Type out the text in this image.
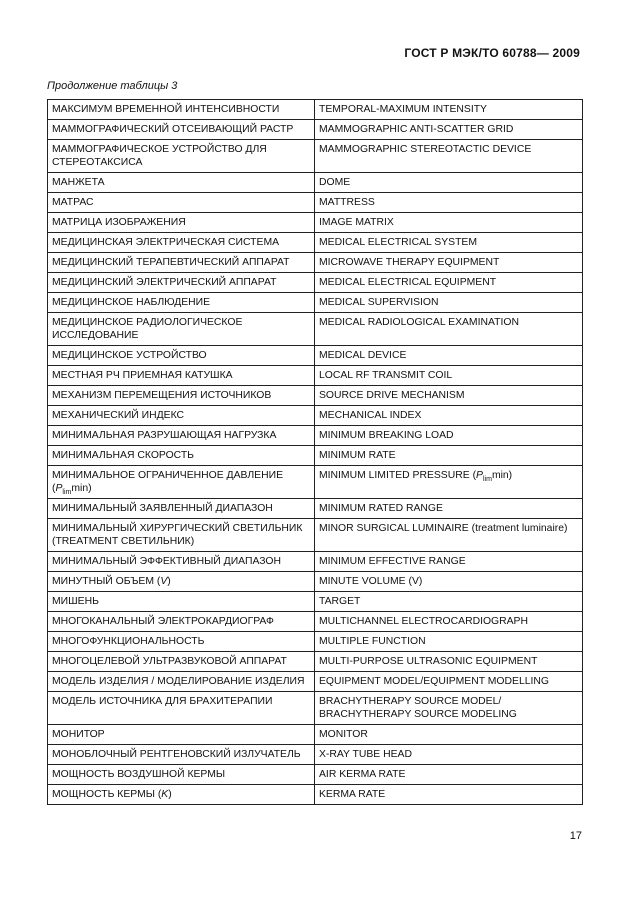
ГОСТ Р МЭК/ТО 60788— 2009
Продолжение таблицы 3
МАКСИМУМ ВРЕМЕННОЙ ИНТЕНСИВНОСТИ	TEMPORAL-MAXIMUM INTENSITY
МАММОГРАФИЧЕСКИЙ ОТСЕИВАЮЩИЙ РАСТР	MAMMOGRAPHIC ANTI-SCATTER GRID
МАММОГРАФИЧЕСКОЕ УСТРОЙСТВО ДЛЯ СТЕРЕОТАКСИСА	MAMMOGRAPHIC STEREOTACTIC DEVICE
МАНЖЕТА	DOME
МАТРАС	MATTRESS
МАТРИЦА ИЗОБРАЖЕНИЯ	IMAGE MATRIX
МЕДИЦИНСКАЯ ЭЛЕКТРИЧЕСКАЯ СИСТЕМА	MEDICAL ELECTRICAL SYSTEM
МЕДИЦИНСКИЙ ТЕРАПЕВТИЧЕСКИЙ АППАРАТ	MICROWAVE THERAPY EQUIPMENT
МЕДИЦИНСКИЙ ЭЛЕКТРИЧЕСКИЙ АППАРАТ	MEDICAL ELECTRICAL EQUIPMENT
МЕДИЦИНСКОЕ НАБЛЮДЕНИЕ	MEDICAL SUPERVISION
МЕДИЦИНСКОЕ РАДИОЛОГИЧЕСКОЕ ИССЛЕДОВАНИЕ	MEDICAL RADIOLOGICAL EXAMINATION
МЕДИЦИНСКОЕ УСТРОЙСТВО	MEDICAL DEVICE
МЕСТНАЯ РЧ ПРИЕМНАЯ КАТУШКА	LOCAL RF TRANSMIT COIL
МЕХАНИЗМ ПЕРЕМЕЩЕНИЯ ИСТОЧНИКОВ	SOURCE DRIVE MECHANISM
МЕХАНИЧЕСКИЙ ИНДЕКС	MECHANICAL INDEX
МИНИМАЛЬНАЯ РАЗРУШАЮЩАЯ НАГРУЗКА	MINIMUM BREAKING LOAD
МИНИМАЛЬНАЯ СКОРОСТЬ	MINIMUM RATE
МИНИМАЛЬНОЕ ОГРАНИЧЕННОЕ ДАВЛЕНИЕ $(P_{lim}\min)$	MINIMUM LIMITED PRESSURE $(P_{lim}\min)$
МИНИМАЛЬНЫЙ ЗАЯВЛЕННЫЙ ДИАПАЗОН	MINIMUM RATED RANGE
МИНИМАЛЬНЫЙ ХИРУРГИЧЕСКИЙ СВЕТИЛЬНИК (TREATMENT СВЕТИЛЬНИК)	MINOR SURGICAL LUMINAIRE (treatment luminaire)
МИНИМАЛЬНЫЙ ЭФФЕКТИВНЫЙ ДИАПАЗОН	MINIMUM EFFECTIVE RANGE
МИНУТНЫЙ ОБЪЕМ (V)	MINUTE VOLUME (V)
МИШЕНЬ	TARGET
МНОГОКАНАЛЬНЫЙ ЭЛЕКТРОКАРДИОГРАФ	MULTICHANNEL ELECTROCARDIOGRAPH
МНОГОФУНКЦИОНАЛЬНОСТЬ	MULTIPLE FUNCTION
МНОГОЦЕЛЕВОЙ УЛЬТРАЗВУКОВОЙ АППАРАТ	MULTI-PURPOSE ULTRASONIC EQUIPMENT
МОДЕЛЬ ИЗДЕЛИЯ / МОДЕЛИРОВАНИЕ ИЗДЕЛИЯ	EQUIPMENT MODEL/EQUIPMENT MODELLING
МОДЕЛЬ ИСТОЧНИКА ДЛЯ БРАХИТЕРАПИИ	BRACHYTHERAPY SOURCE MODEL/ BRACHYTHERAPY SOURCE MODELING
МОНИТОР	MONITOR
МОНОБЛОЧНЫЙ РЕНТГЕНОВСКИЙ ИЗЛУЧАТЕЛЬ	X-RAY TUBE HEAD
МОЩНОСТЬ ВОЗДУШНОЙ КЕРМЫ	AIR KERMA RATE
МОЩНОСТЬ КЕРМЫ (K)	KERMA RATE
17
